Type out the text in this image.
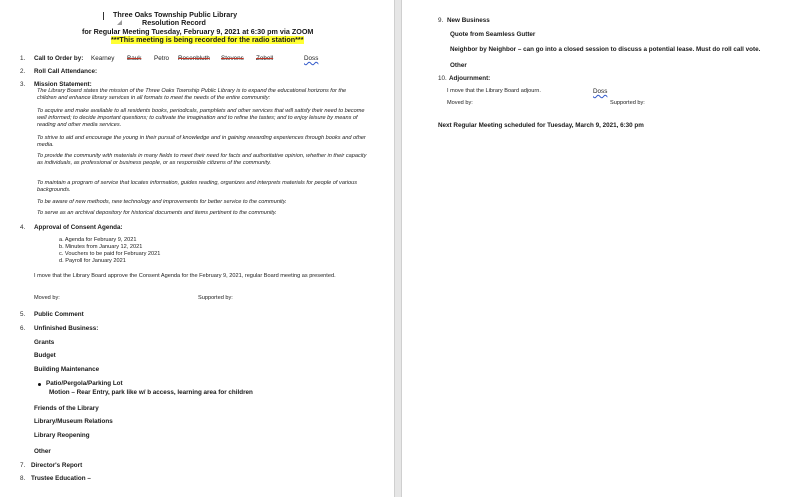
Three Oaks Township Public Library
Resolution Record
for Regular Meeting Tuesday, February 9, 2021 at 6:30 pm via ZOOM
***This meeting is being recorded for the radio station***
1. Call to Order by: Kearney Bauk Petro Rosenbluth Stevens Zobell	Doss
2. Roll Call Attendance:
3. Mission Statement:
The Library Board states the mission of the Three Oaks Township Public Library is to expand the educational horizons for the children and enhance library services in all formats to meet the needs of the entire community:
To acquire and make available to all residents books, periodicals, pamphlets and other services that will satisfy their need to become well informed; to decide important questions; to cultivate the imagination and to refine the tastes; and to enjoy leisure by means of reading and other media services.
To strive to aid and encourage the young in their pursuit of knowledge and in gaining rewarding experiences through books and other media.
To provide the community with materials in many fields to meet their need for facts and authoritative opinion, whether in their capacity as individuals, as professional or business people, or as responsible citizens of the community.
To maintain a program of service that locates information, guides reading, organizes and interprets materials for people of various backgrounds.
To be aware of new methods, new technology and improvements for better service to the community.
To serve as an archival depository for historical documents and items pertinent to the community.
4. Approval of Consent Agenda:
a. Agenda for February 9, 2021
b. Minutes from January 12, 2021
c. Vouchers to be paid for February 2021
d. Payroll for January 2021
I move that the Library Board approve the Consent Agenda for the February 9, 2021, regular Board meeting as presented.
Moved by:	Supported by:
5. Public Comment
6. Unfinished Business:
Grants
Budget
Building Maintenance
Patio/Pergola/Parking Lot
Motion – Rear Entry, park like w/ b access, learning area for children
Friends of the Library
Library/Museum Relations
Library Reopening
Other
7. Director's Report
8. Trustee Education –
9. New Business
Quote from Seamless Gutter
Neighbor by Neighbor – can go into a closed session to discuss a potential lease. Must do roll call vote.
Other
10. Adjournment:
I move that the Library Board adjourn.	Doss
Moved by:	Supported by:
Next Regular Meeting scheduled for Tuesday, March 9, 2021, 6:30 pm
